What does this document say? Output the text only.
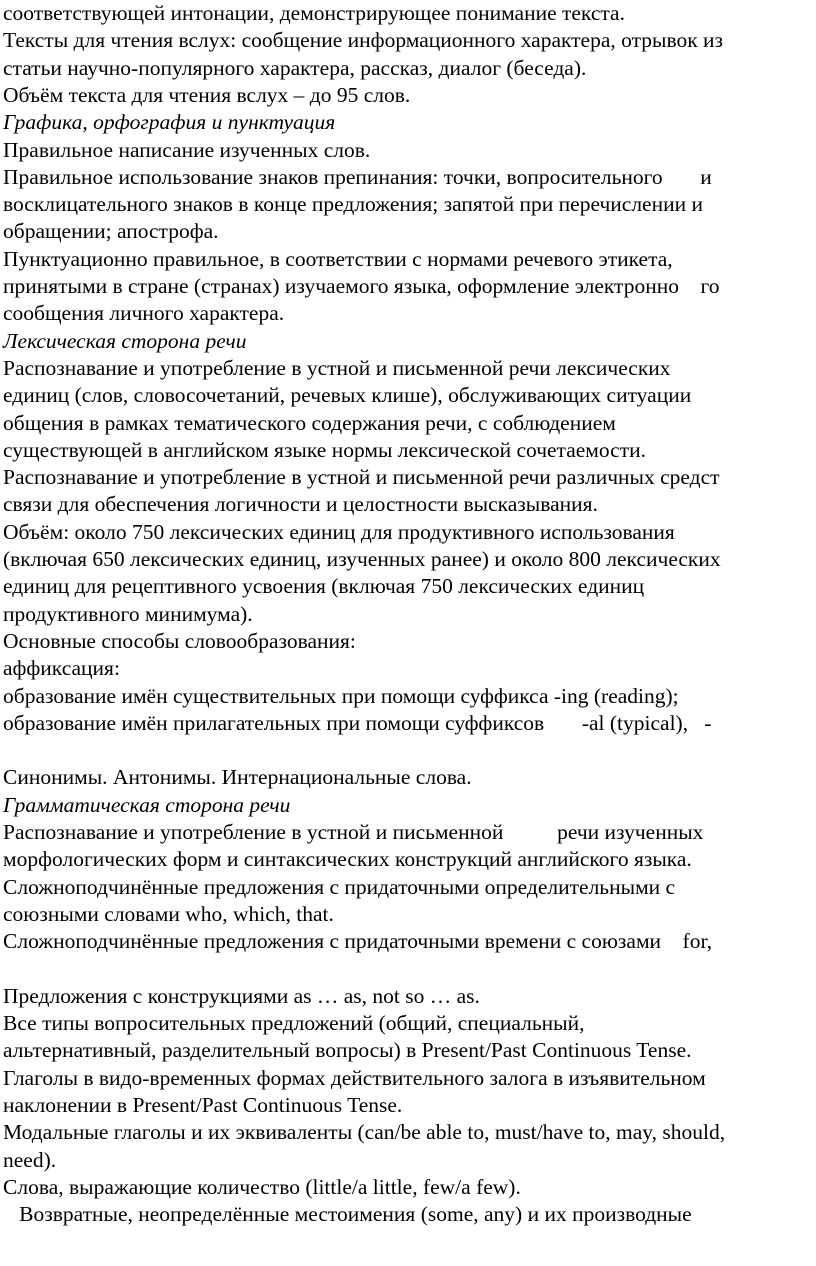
соответствующей интонации, демонстрирующее понимание текста.

Тексты для чтения вслух: сообщение информационного характера, отрывок из

статьи научно-популярного характера, рассказ, диалог (беседа).

Объём текста для чтения вслух – до 95 слов.

Графика, орфография и пунктуация

Правильное написание изученных слов.

Правильное использование знаков препинания: точки, вопросительного       и

восклицательного знаков в конце предложения; запятой при перечислении и

обращении; апострофа.

Пунктуационно правильное, в соответствии с нормами речевого этикета,

принятыми в стране (странах) изучаемого языка, оформление электронно    го

сообщения личного характера.

Лексическая сторона речи

Распознавание и употребление в устной и письменной речи лексических

единиц (слов, словосочетаний, речевых клише), обслуживающих ситуации

общения в рамках тематического содержания речи, с соблюдением

существующей в английском языке нормы лексической сочетаемости.

Распознавание и употребление в устной и письменной речи различных средст

связи для обеспечения логичности и целостности высказывания.

Объём: около 750 лексических единиц для продуктивного использования

(включая 650 лексических единиц, изученных ранее) и около 800 лексических

единиц для рецептивного усвоения (включая 750 лексических единиц

продуктивного минимума).

Основные способы словообразования:

аффиксация:

образование имён существительных при помощи суффикса -ing (reading);

образование имён прилагательных при помощи суффиксов       -al (typical),   -

Синонимы. Антонимы. Интернациональные слова.

Грамматическая сторона речи

Распознавание и употребление в устной и письменной          речи изученных

морфологических форм и синтаксических конструкций английского языка.

Сложноподчинённые предложения с придаточными определительными с

союзными словами who, which, that.

Сложноподчинённые предложения с придаточными времени с союзами    for,

Предложения с конструкциями as … as, not so … as.

Все типы вопросительных предложений (общий, специальный,

альтернативный, разделительный вопросы) в Present/Past Continuous Tense.

Глаголы в видо-временных формах действительного залога в изъявительном

наклонении в Present/Past Continuous Tense.

Модальные глаголы и их эквиваленты (can/be able to, must/have to, may, should,

need).

Слова, выражающие количество (little/a little, few/a few).

Возвратные, неопределённые местоимения (some, any) и их производные
